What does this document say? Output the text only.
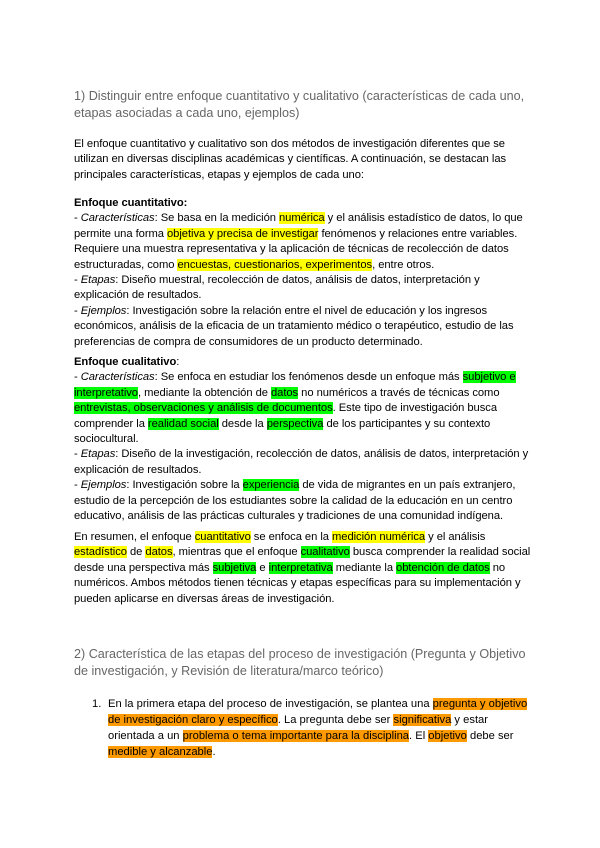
1) Distinguir entre enfoque cuantitativo y cualitativo (características de cada uno, etapas asociadas a cada uno, ejemplos)

El enfoque cuantitativo y cualitativo son dos métodos de investigación diferentes que se utilizan en diversas disciplinas académicas y científicas. A continuación, se destacan las principales características, etapas y ejemplos de cada uno:

Enfoque cuantitativo:
- Características: Se basa en la medición numérica y el análisis estadístico de datos, lo que permite una forma objetiva y precisa de investigar fenómenos y relaciones entre variables. Requiere una muestra representativa y la aplicación de técnicas de recolección de datos estructuradas, como encuestas, cuestionarios, experimentos, entre otros.
- Etapas: Diseño muestral, recolección de datos, análisis de datos, interpretación y explicación de resultados.
- Ejemplos: Investigación sobre la relación entre el nivel de educación y los ingresos económicos, análisis de la eficacia de un tratamiento médico o terapéutico, estudio de las preferencias de compra de consumidores de un producto determinado.

Enfoque cualitativo:
- Características: Se enfoca en estudiar los fenómenos desde un enfoque más subjetivo e interpretativo, mediante la obtención de datos no numéricos a través de técnicas como entrevistas, observaciones y análisis de documentos. Este tipo de investigación busca comprender la realidad social desde la perspectiva de los participantes y su contexto sociocultural.
- Etapas: Diseño de la investigación, recolección de datos, análisis de datos, interpretación y explicación de resultados.
- Ejemplos: Investigación sobre la experiencia de vida de migrantes en un país extranjero, estudio de la percepción de los estudiantes sobre la calidad de la educación en un centro educativo, análisis de las prácticas culturales y tradiciones de una comunidad indígena.

En resumen, el enfoque cuantitativo se enfoca en la medición numérica y el análisis estadístico de datos, mientras que el enfoque cualitativo busca comprender la realidad social desde una perspectiva más subjetiva e interpretativa mediante la obtención de datos no numéricos. Ambos métodos tienen técnicas y etapas específicas para su implementación y pueden aplicarse en diversas áreas de investigación.

2) Característica de las etapas del proceso de investigación (Pregunta y Objetivo de investigación, y Revisión de literatura/marco teórico)

1. En la primera etapa del proceso de investigación, se plantea una pregunta y objetivo de investigación claro y específico. La pregunta debe ser significativa y estar orientada a un problema o tema importante para la disciplina. El objetivo debe ser medible y alcanzable.
